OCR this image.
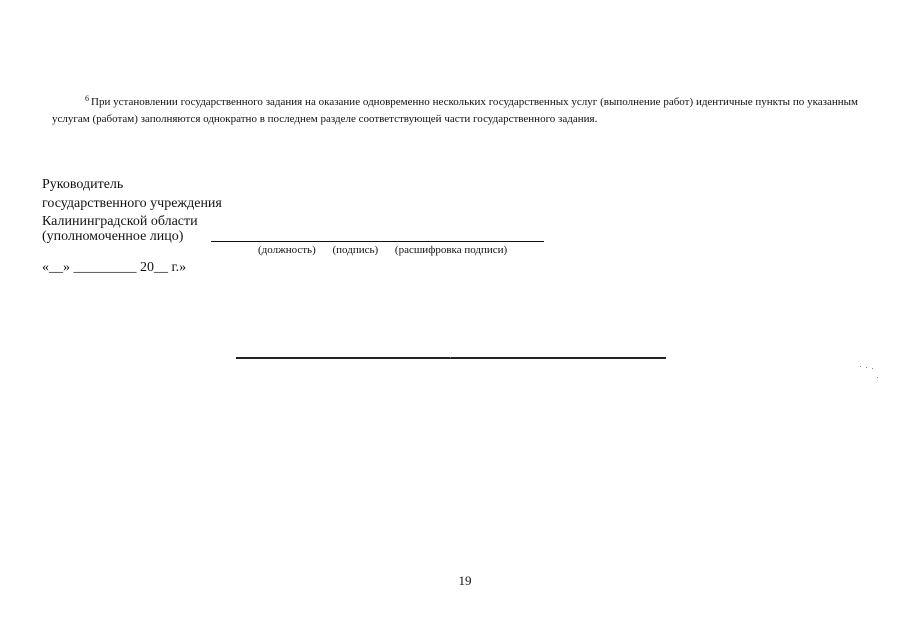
$^6$ При установлении государственного задания на оказание одновременно нескольких государственных услуг (выполнение работ) идентичные пункты по указанным услугам (работам) заполняются однократно в последнем разделе соответствующей части государственного задания.
Руководитель
государственного учреждения
Калининградской области
(уполномоченное лицо)
(должность) (подпись) (расшифровка подписи)
«__» _________ 20__ г.»
19
